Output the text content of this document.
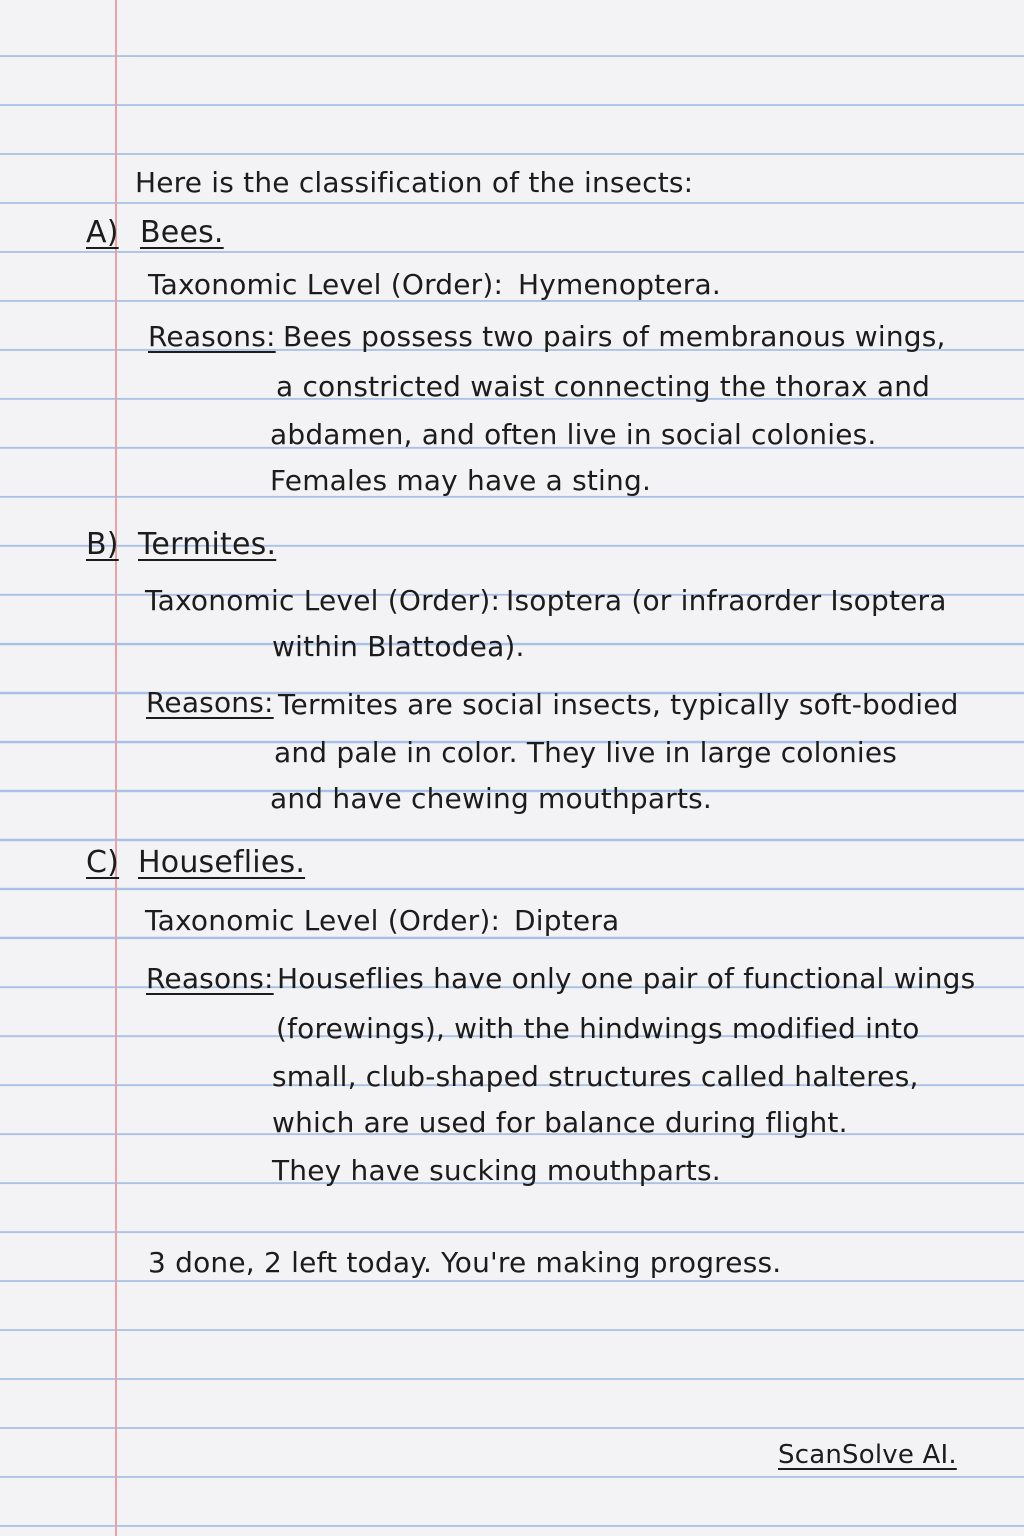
Here is the classification of the insects:
A) Bees.
Taxonomic Level (Order): Hymenoptera.
Reasons: Bees possess two pairs of membranous wings,
a constricted waist connecting the thorax and
abdamen, and often live in social colonies.
Females may have a sting.
B) Termites.
Taxonomic Level (Order): Isoptera (or infraorder Isoptera
within Blattodea).
Reasons: Termites are social insects, typically soft-bodied
and pale in color. They live in large colonies
and have chewing mouthparts.
C) Houseflies.
Taxonomic Level (Order): Diptera
Reasons: Houseflies have only one pair of functional wings
(forewings), with the hindwings modified into
small, club-shaped structures called halteres,
which are used for balance during flight.
They have sucking mouthparts.
3 done, 2 left today. You're making progress.
ScanSolve AI.
